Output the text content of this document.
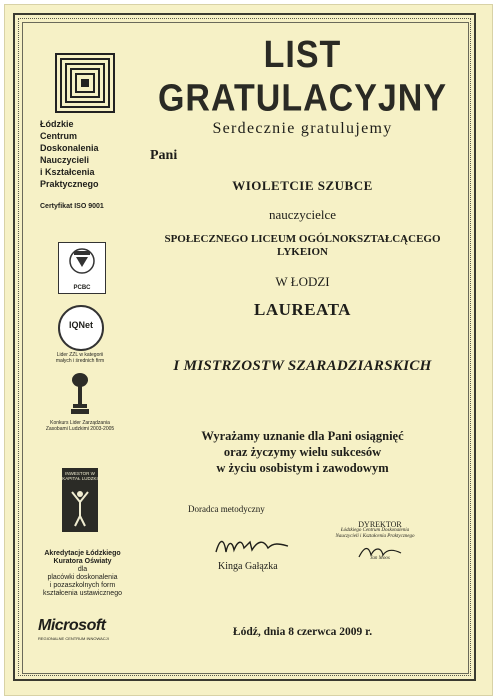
Łódzkie
Centrum
Doskonalenia
Nauczycieli
i Kształcenia
Praktycznego
Certyfikat ISO 9001
PCBC
IQNet
Lider ZZL w kategorii małych i średnich firm
Konkurs Lider Zarządzania Zasobami Ludzkimi 2003-2005
INWESTOR W KAPITAŁ LUDZKI
Akredytacje Łódzkiego
Kuratora Oświaty
dla
placówki doskonalenia
i pozaszkolnych form
kształcenia ustawicznego
Microsoft
REGIONALNE CENTRUM INNOWACJI
LIST GRATULACYJNY
Serdecznie gratulujemy
Pani
WIOLETCIE SZUBCE
nauczycielce
SPOŁECZNEGO LICEUM OGÓLNOKSZTAŁCĄCEGO
LYKEION
W ŁODZI
LAUREATA
I MISTRZOSTW SZARADZIARSKICH
Wyrażamy uznanie dla Pani osiągnięć
oraz życzymy wielu sukcesów
w życiu osobistym i zawodowym
Doradca metodyczny
Kinga Gałązka
DYREKTOR
Łódzkiego Centrum Doskonalenia
Nauczycieli i Kształcenia Praktycznego
Jan Moos
Łódź, dnia 8 czerwca 2009 r.
